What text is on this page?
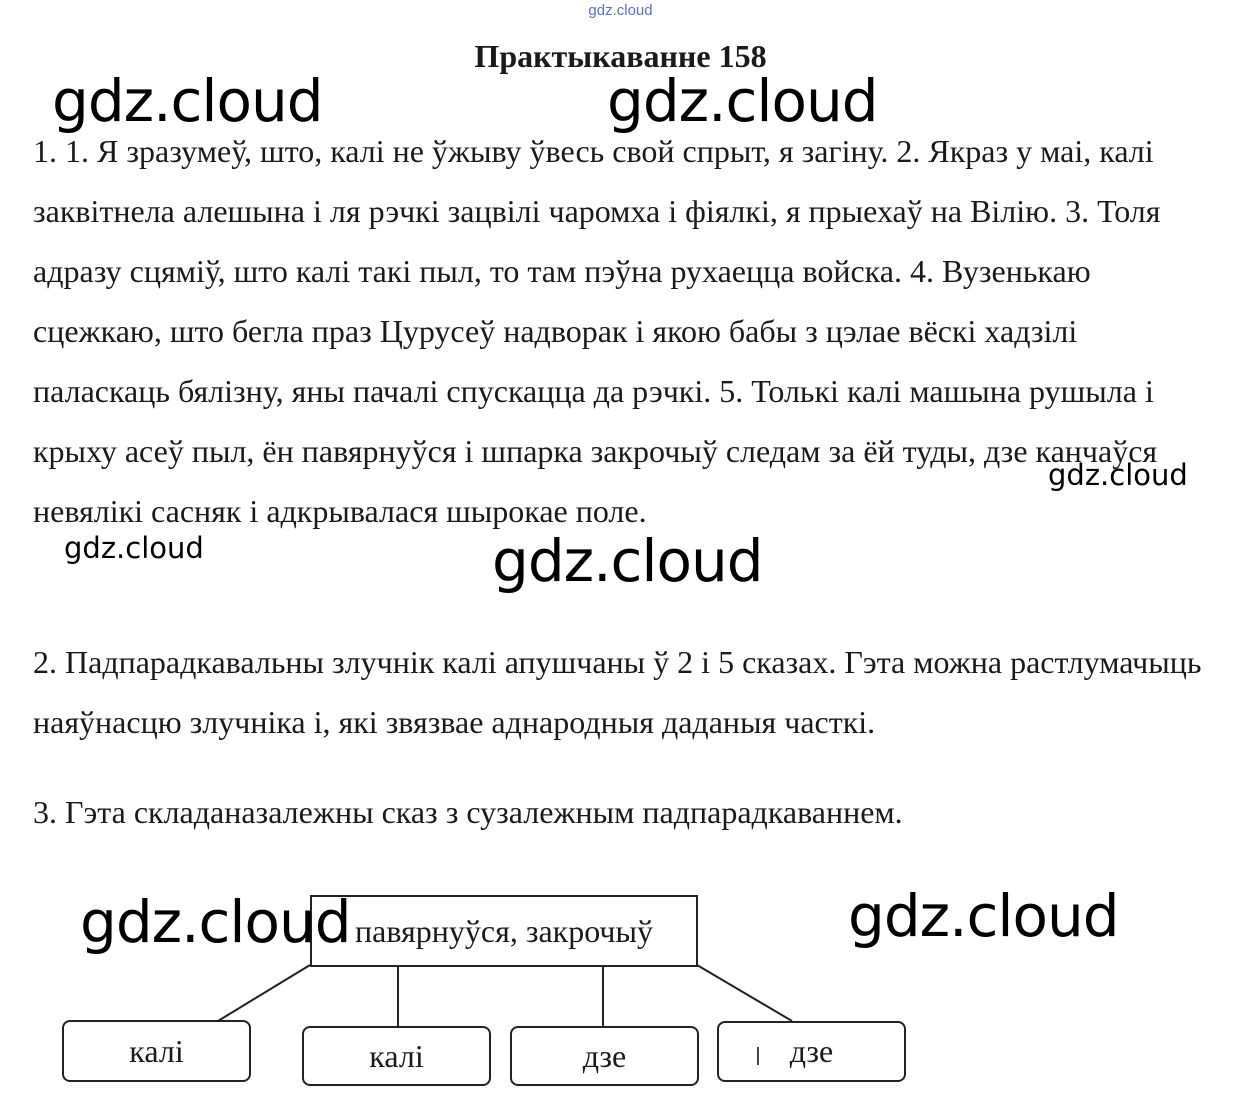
gdz.cloud
Практыкаванне 158

1. 1. Я зразумеў, што, калі не ўжыву ўвесь свой спрыт, я загіну. 2. Якраз у маі, калі заквітнела алешына і ля рэчкі зацвілі чаромха і фіялкі, я прыехаў на Вілію. 3. Толя адразу сцяміў, што калі такі пыл, то там пэўна рухаецца войска. 4. Вузенькаю сцежкаю, што бегла праз Цурусеў надворак і якою бабы з цэлае вёскі хадзілі паласкаць бялізну, яны пачалі спускацца да рэчкі. 5. Толькі калі машына рушыла і крыху асеў пыл, ён павярнуўся і шпарка закрочыў следам за ёй туды, дзе канчаўся невялікі сасняк і адкрывалася шырокае поле.

2. Падпарадкавальны злучнік калі апушчаны ў 2 і 5 сказах. Гэта можна растлумачыць наяўнасцю злучніка і, які звязвае аднародныя даданыя часткі.

3. Гэта складаназалежны сказ з сузалежным падпарадкаваннем.

павярнуўся, закрочыў
калі	калі	дзе	дзе
gdz.cloud	gdz.cloud
gdz.cloud
gdz.cloud	gdz.cloud
gdz.cloud	gdz.cloud
